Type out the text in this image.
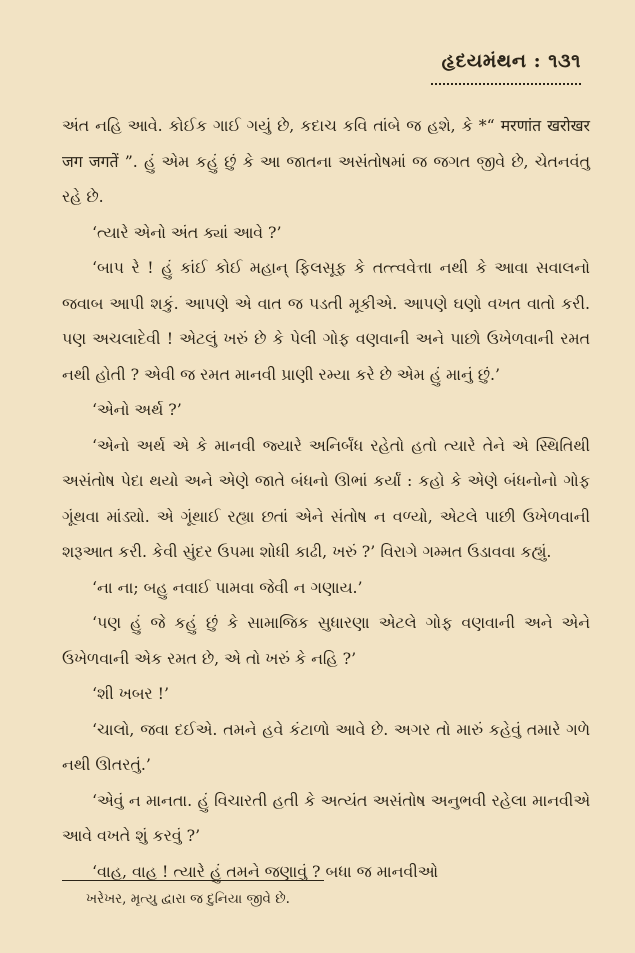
હૃદયમંથન : ૧૩૧

અંત નહિ આવે. કોઈક ગાઈ ગયું છે, કદાચ કવિ તાંબે જ હશે, કે *“ मरणांत खरोखर जग जगतें ”. હું એમ કહું છું કે આ જાતના અસંતોષમાં જ જગત જીવે છે, ચેતનવંતુ રહે છે.

‘ત્યારે એનો અંત ક્યાં આવે ?’

‘બાપ રે ! હું કાંઈ કોઈ મહાન્ ફિલસૂફ કે તત્ત્વવેત્તા નથી કે આવા સવાલનો જવાબ આપી શકું. આપણે એ વાત જ પડતી મૂકીએ. આપણે ઘણો વખત વાતો કરી. પણ અચલાદેવી ! એટલું ખરું છે કે પેલી ગોફ વણવાની અને પાછો ઉખેળવાની રમત નથી હોતી ? એવી જ રમત માનવી પ્રાણી રમ્યા કરે છે એમ હું માનું છું.’

‘એનો અર્થ ?’

‘એનો અર્થ એ કે માનવી જ્યારે અનિર્બંધ રહેતો હતો ત્યારે તેને એ સ્થિતિથી અસંતોષ પેદા થયો અને એણે જાતે બંધનો ઊભાં કર્યાં : કહો કે એણે બંધનોનો ગોફ ગૂંથવા માંડ્યો. એ ગૂંથાઈ રહ્યા છતાં એને સંતોષ ન વળ્યો, એટલે પાછી ઉખેળવાની શરૂઆત કરી. કેવી સુંદર ઉપમા શોધી કાઢી, ખરું ?’ વિરાગે ગમ્મત ઉડાવવા કહ્યું.

‘ના ના; બહુ નવાઈ પામવા જેવી ન ગણાય.’

‘પણ હું જે કહું છું કે સામાજિક સુધારણા એટલે ગોફ વણવાની અને એને ઉખેળવાની એક રમત છે, એ તો ખરું કે નહિ ?’

‘શી ખબર !’

‘ચાલો, જવા દઈએ. તમને હવે કંટાળો આવે છે. અગર તો મારું કહેવું તમારે ગળે નથી ઊતરતું.’

‘એવું ન માનતા. હું વિચારતી હતી કે અત્યંત અસંતોષ અનુભવી રહેલા માનવીએ આવે વખતે શું કરવું ?’

‘વાહ, વાહ ! ત્યારે હું તમને જણાવું ? બધા જ માનવીઓ

ખરેખર, મૃત્યુ દ્વારા જ દુનિયા જીવે છે.
